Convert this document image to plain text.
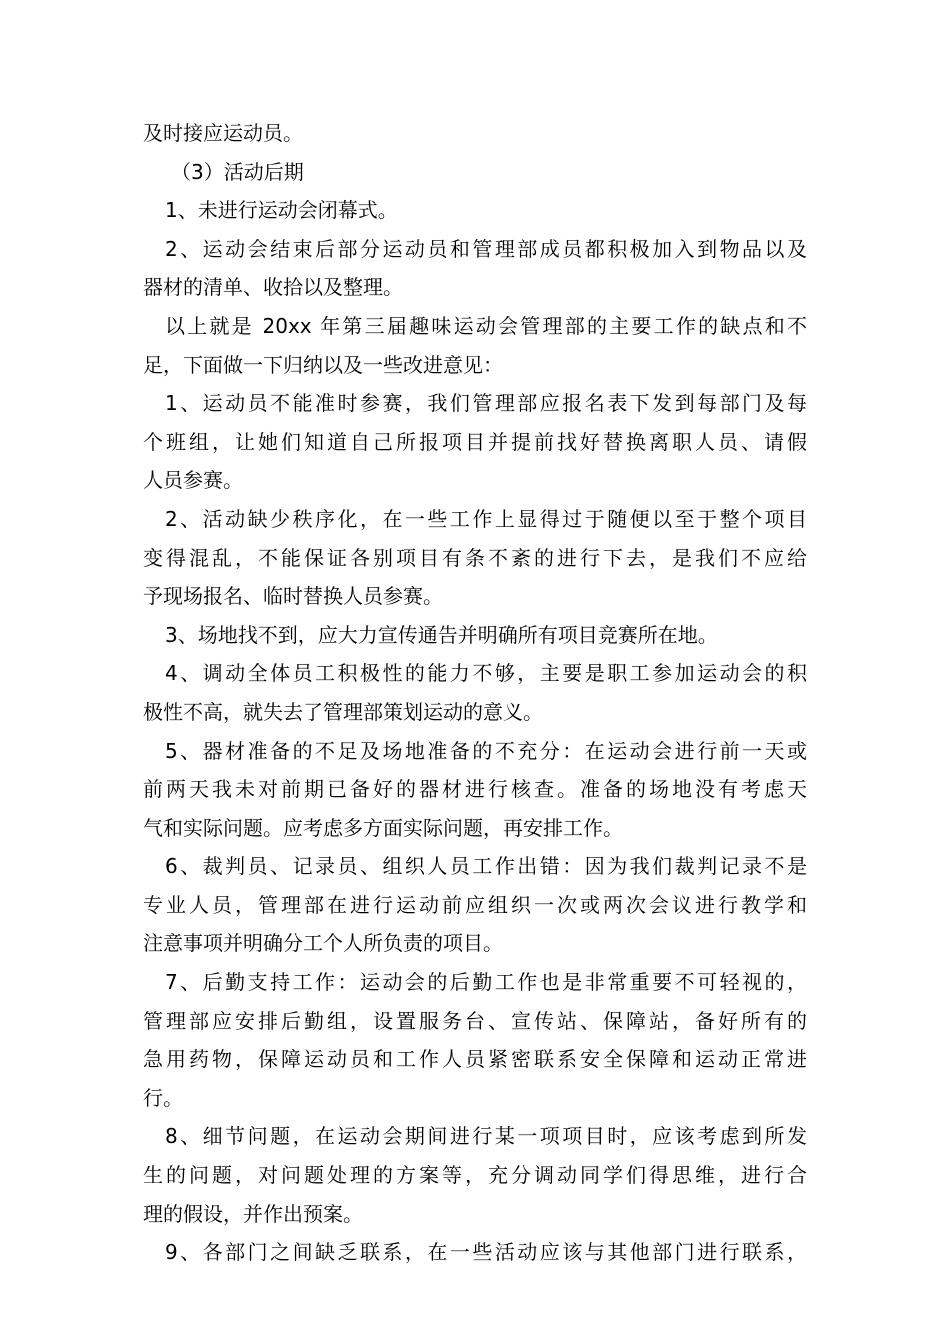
及时接应运动员。

（3）活动后期

1、未进行运动会闭幕式。

2、运动会结束后部分运动员和管理部成员都积极加入到物品以及
器材的清单、收拾以及整理。

以上就是 20xx 年第三届趣味运动会管理部的主要工作的缺点和不
足，下面做一下归纳以及一些改进意见：

1、运动员不能准时参赛，我们管理部应报名表下发到每部门及每
个班组，让她们知道自己所报项目并提前找好替换离职人员、请假
人员参赛。

2、活动缺少秩序化，在一些工作上显得过于随便以至于整个项目
变得混乱，不能保证各别项目有条不紊的进行下去，是我们不应给
予现场报名、临时替换人员参赛。

3、场地找不到，应大力宣传通告并明确所有项目竞赛所在地。

4、调动全体员工积极性的能力不够，主要是职工参加运动会的积
极性不高，就失去了管理部策划运动的意义。

5、器材准备的不足及场地准备的不充分：在运动会进行前一天或
前两天我未对前期已备好的器材进行核查。准备的场地没有考虑天
气和实际问题。应考虑多方面实际问题，再安排工作。

6、裁判员、记录员、组织人员工作出错：因为我们裁判记录不是
专业人员，管理部在进行运动前应组织一次或两次会议进行教学和
注意事项并明确分工个人所负责的项目。

7、后勤支持工作：运动会的后勤工作也是非常重要不可轻视的，
管理部应安排后勤组，设置服务台、宣传站、保障站，备好所有的
急用药物，保障运动员和工作人员紧密联系安全保障和运动正常进
行。

8、细节问题，在运动会期间进行某一项项目时，应该考虑到所发
生的问题，对问题处理的方案等，充分调动同学们得思维，进行合
理的假设，并作出预案。

9、各部门之间缺乏联系，在一些活动应该与其他部门进行联系，
